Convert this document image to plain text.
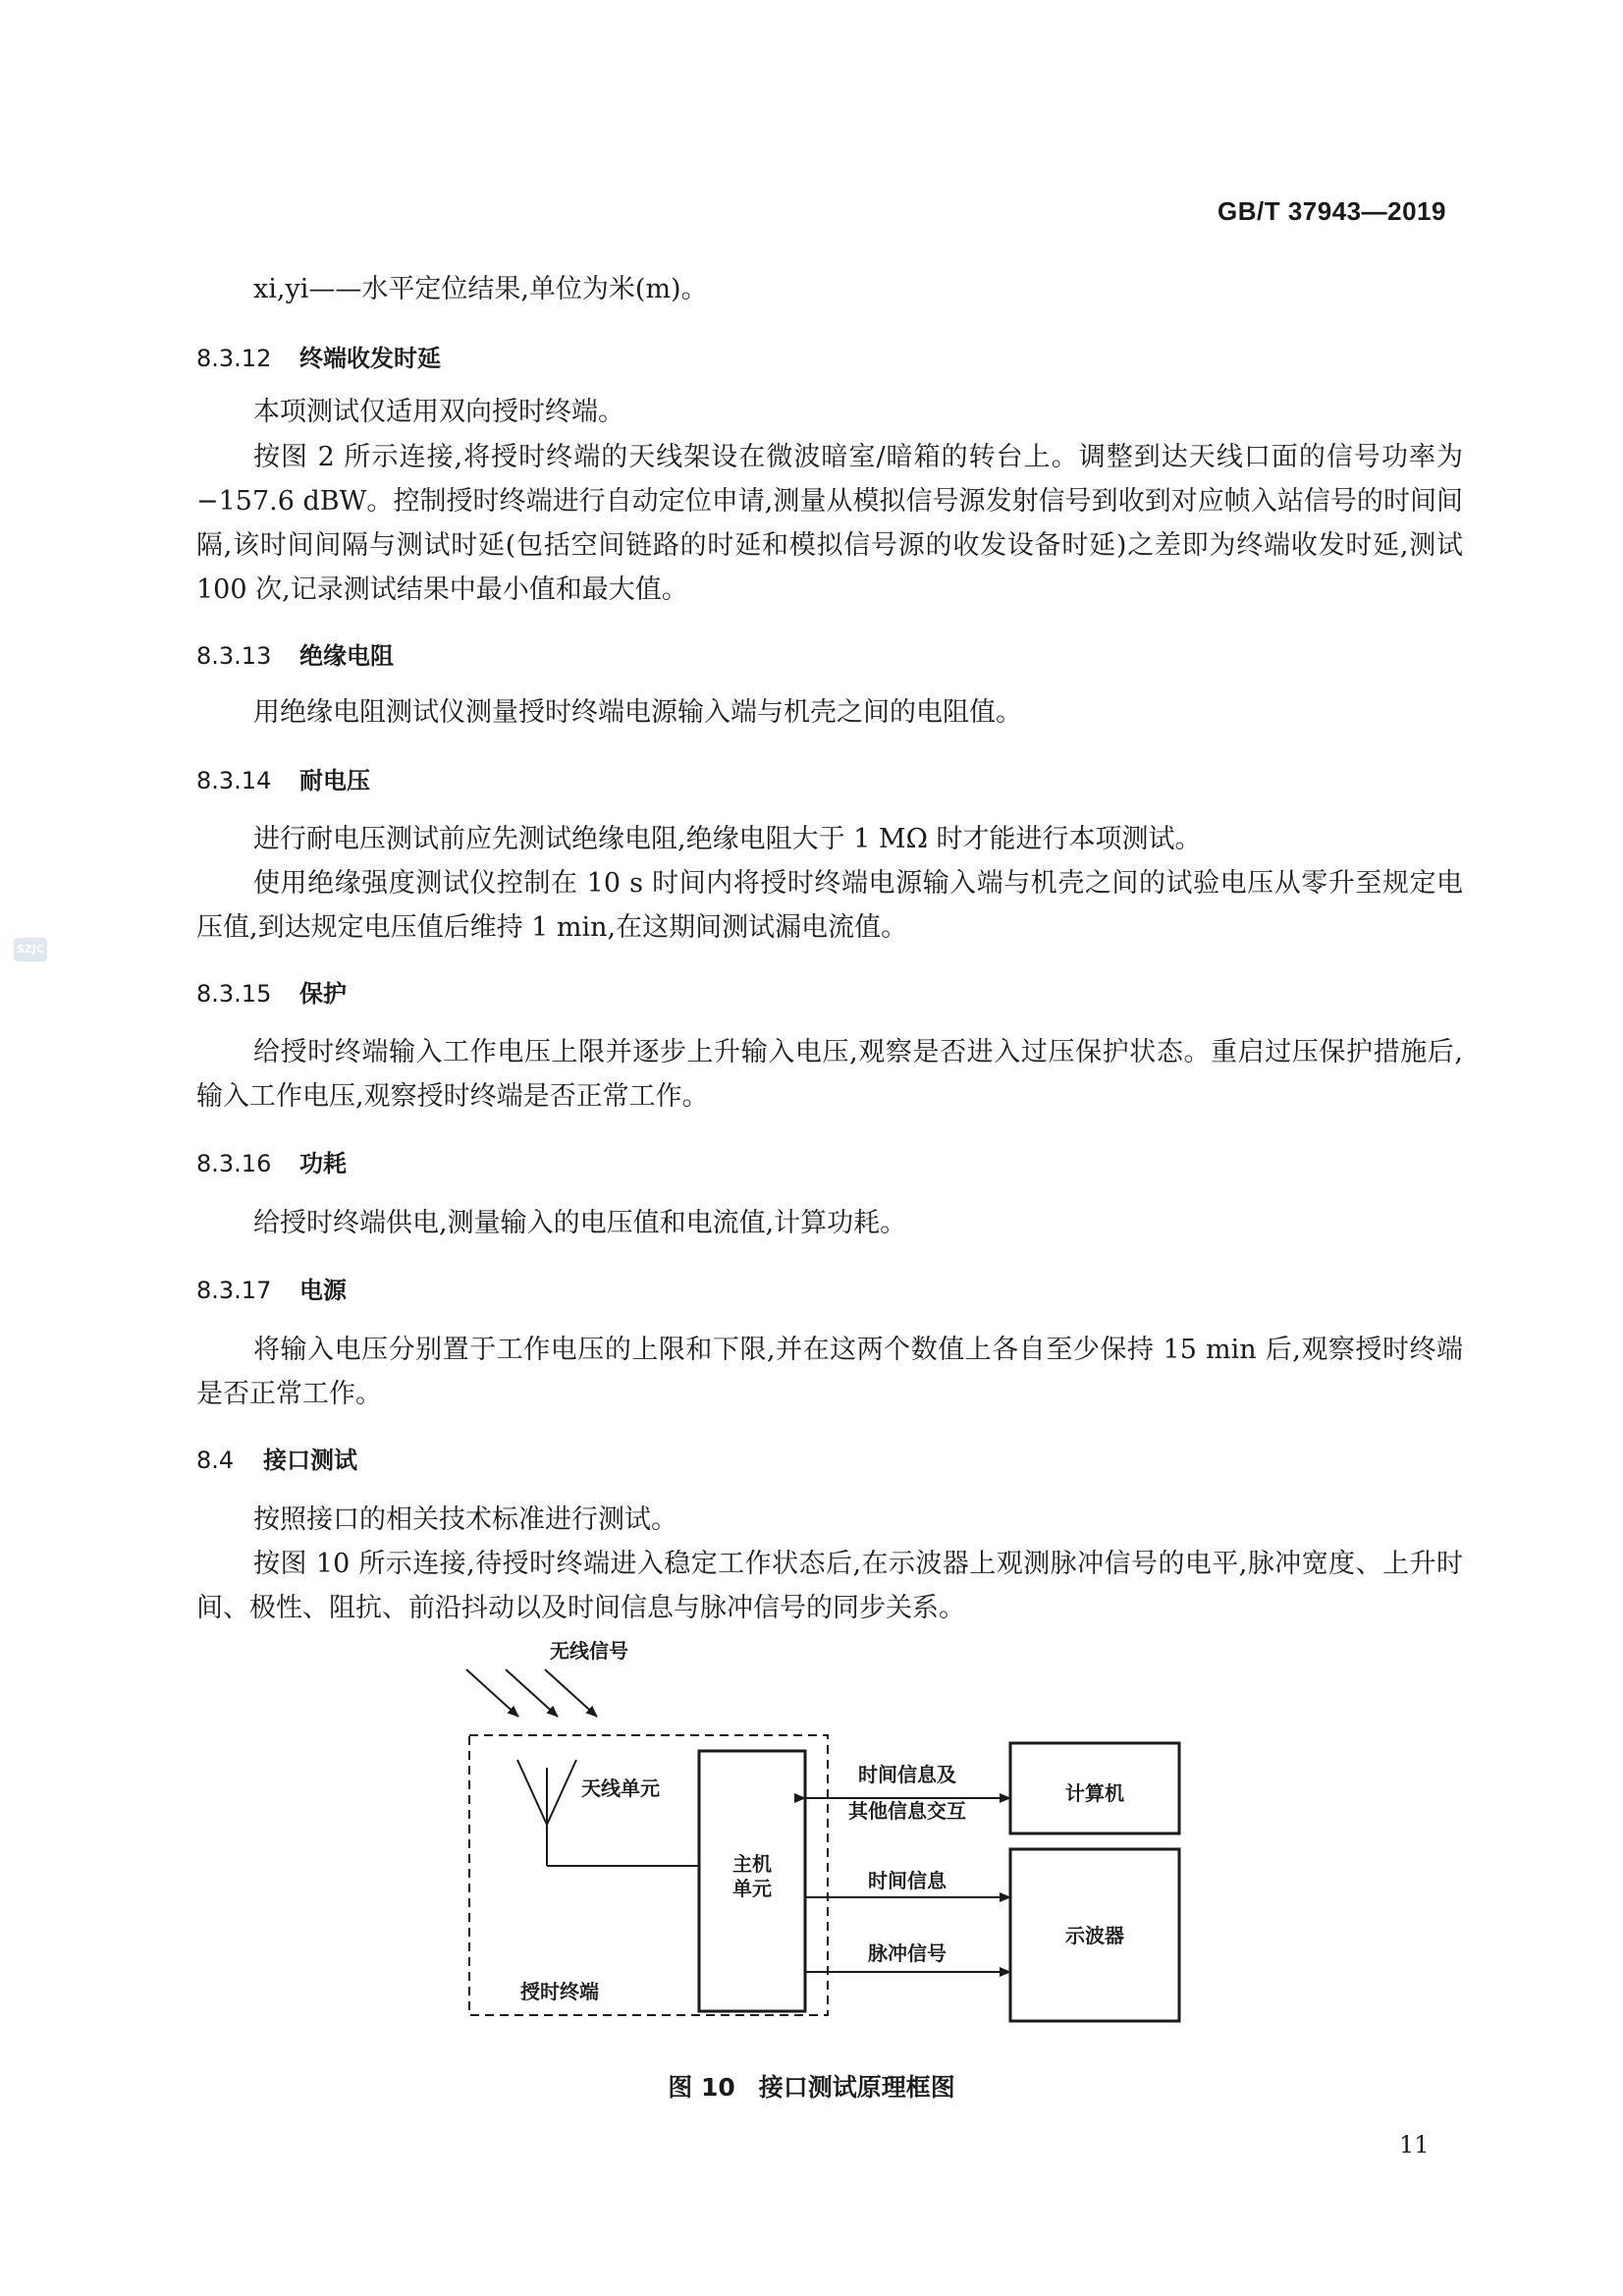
GB/T 37943—2019
SZJC
xi,yi——水平定位结果,单位为米(m)。
8.3.12 终端收发时延
本项测试仅适用双向授时终端。
按图 2 所示连接,将授时终端的天线架设在微波暗室/暗箱的转台上。调整到达天线口面的信号功率为−157.6 dBW。控制授时终端进行自动定位申请,测量从模拟信号源发射信号到收到对应帧入站信号的时间间隔,该时间间隔与测试时延(包括空间链路的时延和模拟信号源的收发设备时延)之差即为终端收发时延,测试 100 次,记录测试结果中最小值和最大值。
8.3.13 绝缘电阻
用绝缘电阻测试仪测量授时终端电源输入端与机壳之间的电阻值。
8.3.14 耐电压
进行耐电压测试前应先测试绝缘电阻,绝缘电阻大于 1 MΩ 时才能进行本项测试。
使用绝缘强度测试仪控制在 10 s 时间内将授时终端电源输入端与机壳之间的试验电压从零升至规定电压值,到达规定电压值后维持 1 min,在这期间测试漏电流值。
8.3.15 保护
给授时终端输入工作电压上限并逐步上升输入电压,观察是否进入过压保护状态。重启过压保护措施后,输入工作电压,观察授时终端是否正常工作。
8.3.16 功耗
给授时终端供电,测量输入的电压值和电流值,计算功耗。
8.3.17 电源
将输入电压分别置于工作电压的上限和下限,并在这两个数值上各自至少保持 15 min 后,观察授时终端是否正常工作。
8.4 接口测试
按照接口的相关技术标准进行测试。
按图 10 所示连接,待授时终端进入稳定工作状态后,在示波器上观测脉冲信号的电平,脉冲宽度、上升时间、极性、阻抗、前沿抖动以及时间信息与脉冲信号的同步关系。
无线信号
天线单元
主机
单元
授时终端
计算机
示波器
时间信息及
其他信息交互
时间信息
脉冲信号
图 10 接口测试原理框图
11
